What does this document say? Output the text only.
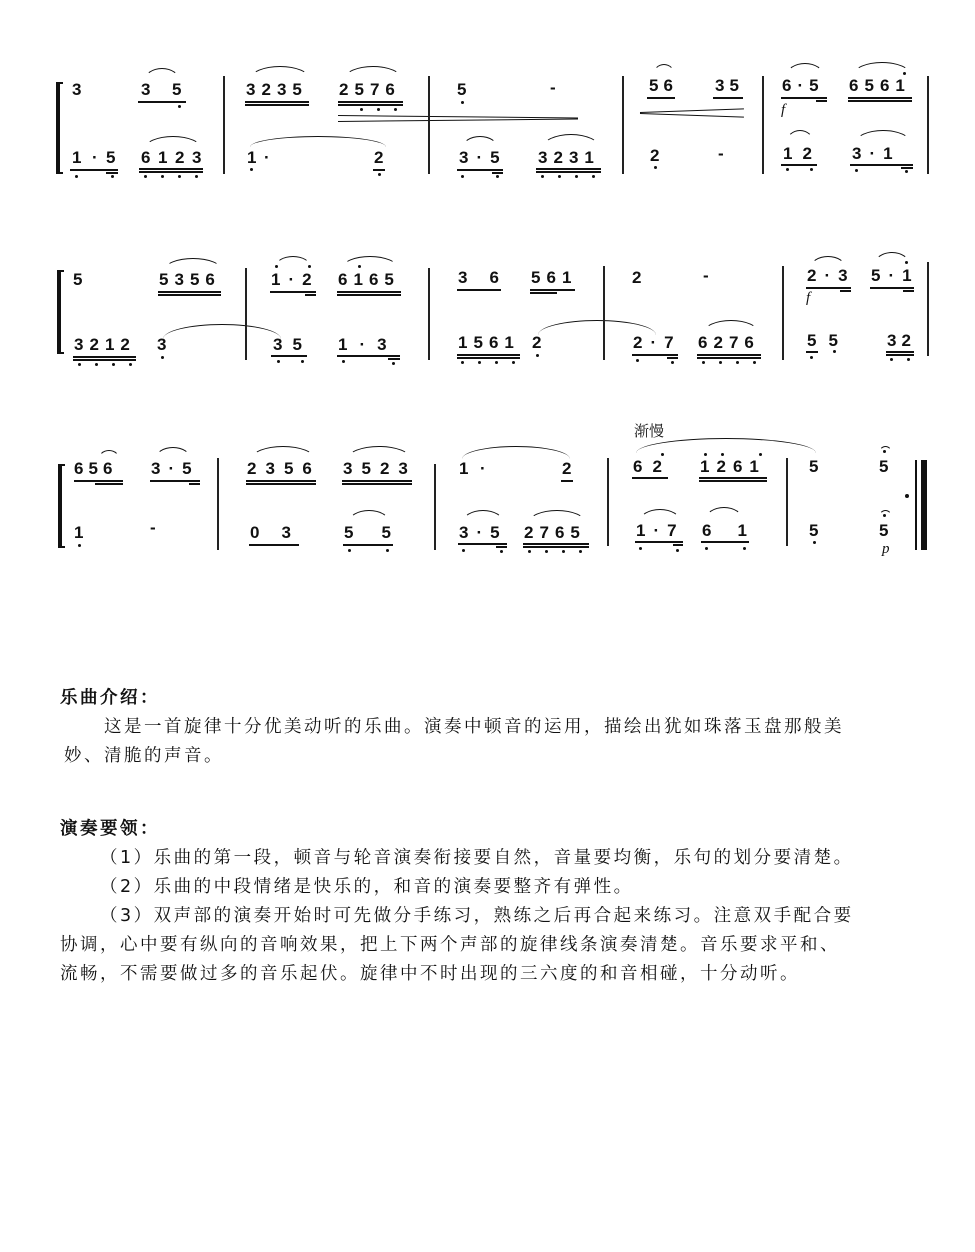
3	3 5
1 · 5 6 1 2 3
3 2 3 5 2 5 7 6
1 ·	2
5	-
3 · 5 3 2 3 1
5 6 3 5
2	-
6 · 5
f
6 5 6 1
1 2 3 · 1
5	5 3 5 6
3 2 1 2 3
1 · 2 6 1 6 5
3 5 1 · 3
3 6 5 6 1
1 5 6 1 2
2	-
2 · 7 6 2 7 6
2 · 3
f
5 · 1
5 5	3 2
渐慢
6 5 6 3 · 5
1	-
2 3 5 6 3 5 2 3
0 3	5 5
1 ·	2
3 · 5 2 7 6 5
6 2 1 2 6 1
1 · 7 6 1
5	5
5	5
p
乐曲介绍：
这是一首旋律十分优美动听的乐曲。演奏中顿音的运用，描绘出犹如珠落玉盘那般美
妙、清脆的声音。
演奏要领：
（1）乐曲的第一段，顿音与轮音演奏衔接要自然，音量要均衡，乐句的划分要清楚。
（2）乐曲的中段情绪是快乐的，和音的演奏要整齐有弹性。
（3）双声部的演奏开始时可先做分手练习，熟练之后再合起来练习。注意双手配合要
协调，心中要有纵向的音响效果，把上下两个声部的旋律线条演奏清楚。音乐要求平和、
流畅，不需要做过多的音乐起伏。旋律中不时出现的三六度的和音相碰，十分动听。
